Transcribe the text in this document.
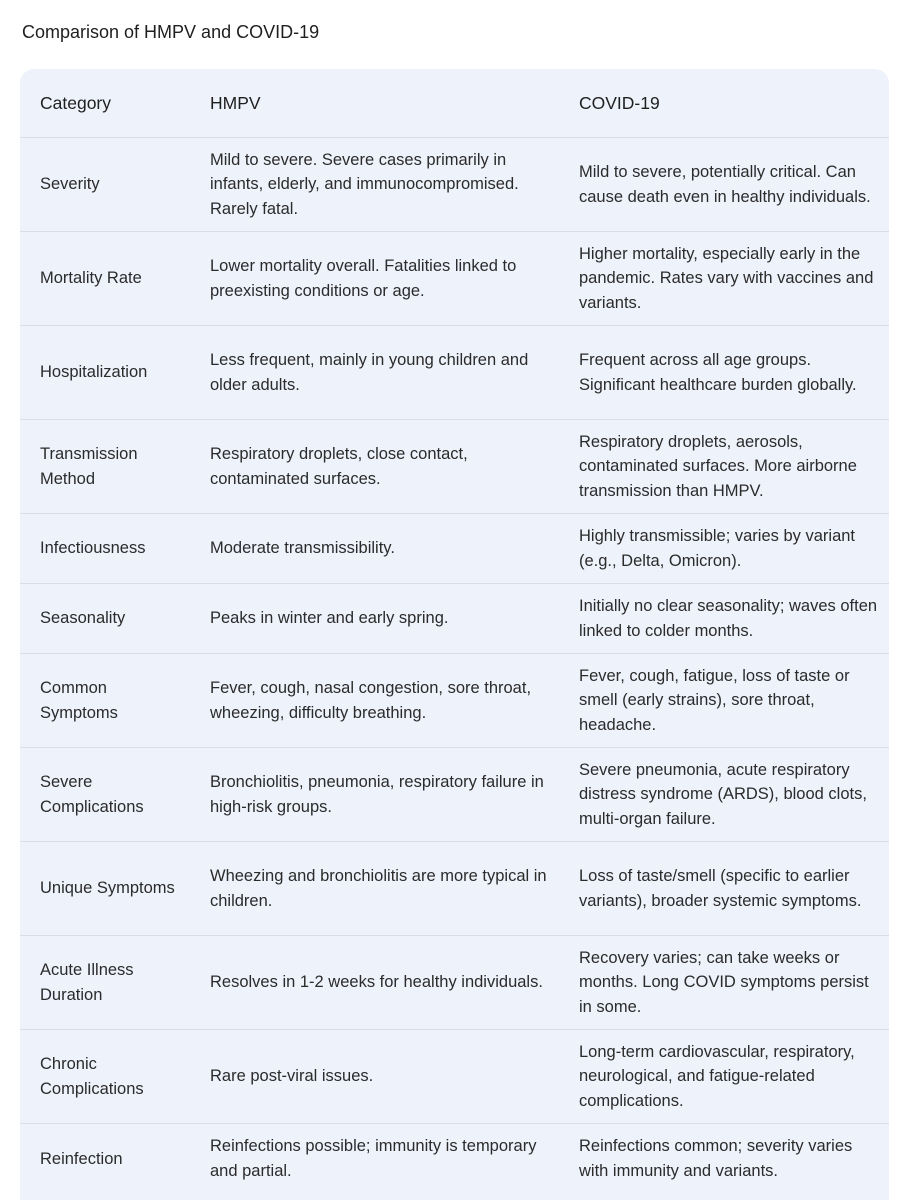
Comparison of HMPV and COVID-19
Category	HMPV	COVID-19
Severity	Mild to severe. Severe cases primarily in infants, elderly, and immunocompromised. Rarely fatal.	Mild to severe, potentially critical. Can cause death even in healthy individuals.
Mortality Rate	Lower mortality overall. Fatalities linked to preexisting conditions or age.	Higher mortality, especially early in the pandemic. Rates vary with vaccines and variants.
Hospitalization	Less frequent, mainly in young children and older adults.	Frequent across all age groups. Significant healthcare burden globally.
Transmission Method	Respiratory droplets, close contact, contaminated surfaces.	Respiratory droplets, aerosols, contaminated surfaces. More airborne transmission than HMPV.
Infectiousness	Moderate transmissibility.	Highly transmissible; varies by variant (e.g., Delta, Omicron).
Seasonality	Peaks in winter and early spring.	Initially no clear seasonality; waves often linked to colder months.
Common Symptoms	Fever, cough, nasal congestion, sore throat, wheezing, difficulty breathing.	Fever, cough, fatigue, loss of taste or smell (early strains), sore throat, headache.
Severe Complications	Bronchiolitis, pneumonia, respiratory failure in high-risk groups.	Severe pneumonia, acute respiratory distress syndrome (ARDS), blood clots, multi-organ failure.
Unique Symptoms	Wheezing and bronchiolitis are more typical in children.	Loss of taste/smell (specific to earlier variants), broader systemic symptoms.
Acute Illness Duration	Resolves in 1-2 weeks for healthy individuals.	Recovery varies; can take weeks or months. Long COVID symptoms persist in some.
Chronic Complications	Rare post-viral issues.	Long-term cardiovascular, respiratory, neurological, and fatigue-related complications.
Reinfection	Reinfections possible; immunity is temporary and partial.	Reinfections common; severity varies with immunity and variants.
